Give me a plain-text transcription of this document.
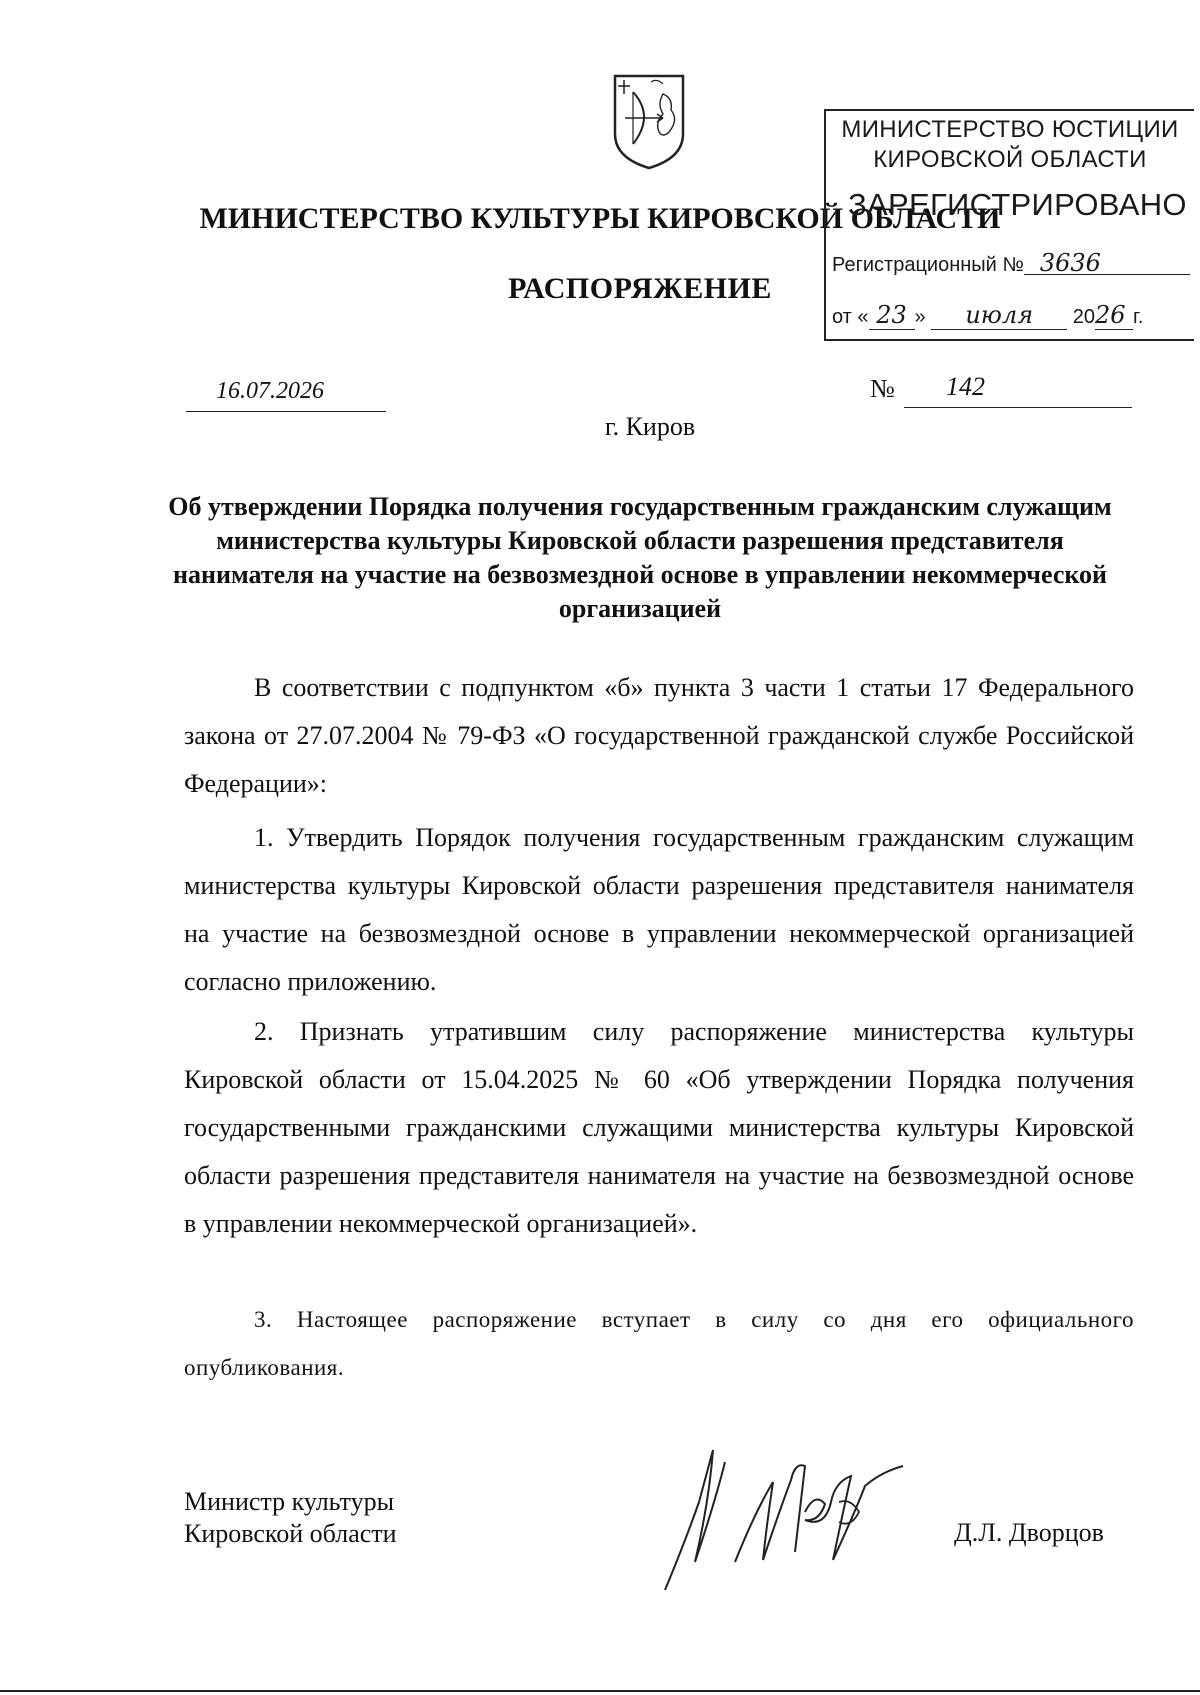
МИНИСТЕРСТВО КУЛЬТУРЫ КИРОВСКОЙ ОБЛАСТИ
РАСПОРЯЖЕНИЕ
МИНИСТЕРСТВО ЮСТИЦИИ
КИРОВСКОЙ ОБЛАСТИ
ЗАРЕГИСТРИРОВАНО
Регистрационный № 3636
от « 23 » июля 2026 г.
16.07.2026	№	142
г. Киров
Об утверждении Порядка получения государственным гражданским служащим министерства культуры Кировской области разрешения представителя нанимателя на участие на безвозмездной основе в управлении некоммерческой организацией
В соответствии с подпунктом «б» пункта 3 части 1 статьи 17 Федерального закона от 27.07.2004 № 79-ФЗ «О государственной гражданской службе Российской Федерации»:
1. Утвердить Порядок получения государственным гражданским служащим министерства культуры Кировской области разрешения представителя нанимателя на участие на безвозмездной основе в управлении некоммерческой организацией согласно приложению.
2. Признать утратившим силу распоряжение министерства культуры Кировской области от 15.04.2025 № 60 «Об утверждении Порядка получения государственными гражданскими служащими министерства культуры Кировской области разрешения представителя нанимателя на участие на безвозмездной основе в управлении некоммерческой организацией».
3. Настоящее распоряжение вступает в силу со дня его официального опубликования.
Министр культуры
Кировской области	Д.Л. Дворцов
